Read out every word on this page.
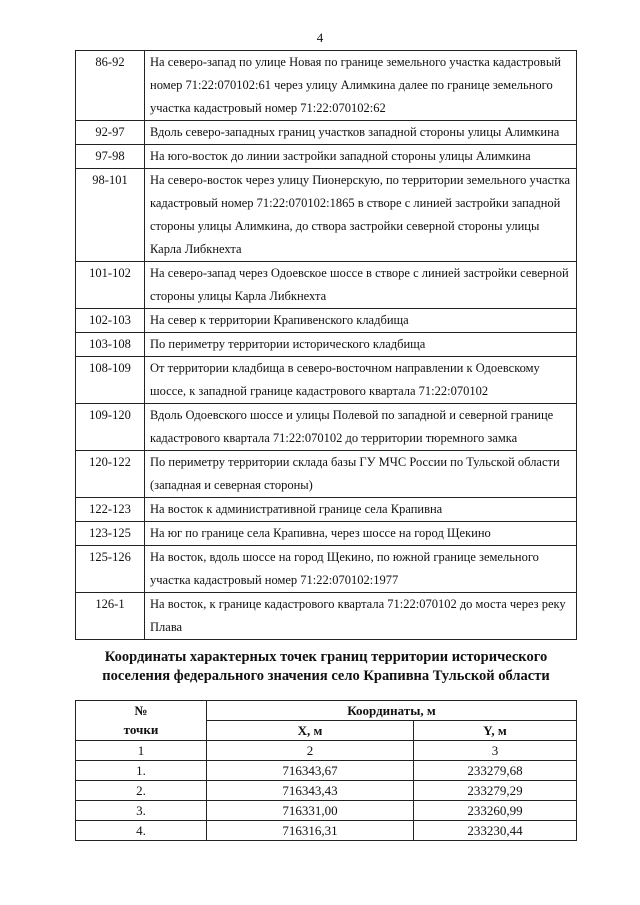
4
86-92	На северо-запад по улице Новая по границе земельного участка кадастровый номер 71:22:070102:61 через улицу Алимкина далее по границе земельного участка кадастровый номер 71:22:070102:62
92-97	Вдоль северо-западных границ участков западной стороны улицы Алимкина
97-98	На юго-восток до линии застройки западной стороны улицы Алимкина
98-101	На северо-восток через улицу Пионерскую, по территории земельного участка кадастровый номер 71:22:070102:1865 в створе с линией застройки западной стороны улицы Алимкина, до створа застройки северной стороны улицы Карла Либкнехта
101-102	На северо-запад через Одоевское шоссе в створе с линией застройки северной стороны улицы Карла Либкнехта
102-103	На север к территории Крапивенского кладбища
103-108	По периметру территории исторического кладбища
108-109	От территории кладбища в северо-восточном направлении к Одоевскому шоссе, к западной границе кадастрового квартала 71:22:070102
109-120	Вдоль Одоевского шоссе и улицы Полевой по западной и северной границе кадастрового квартала 71:22:070102 до территории тюремного замка
120-122	По периметру территории склада базы ГУ МЧС России по Тульской области (западная и северная стороны)
122-123	На восток к административной границе села Крапивна
123-125	На юг по границе села Крапивна, через шоссе на город Щекино
125-126	На восток, вдоль шоссе на город Щекино, по южной границе земельного участка кадастровый номер 71:22:070102:1977
126-1	На восток, к границе кадастрового квартала 71:22:070102 до моста через реку Плава
Координаты характерных точек границ территории исторического поселения федерального значения село Крапивна Тульской области
№
точки	Координаты, м	
	X, м	Y, м
1	2	3
1.	716343,67	233279,68
2.	716343,43	233279,29
3.	716331,00	233260,99
4.	716316,31	233230,44
